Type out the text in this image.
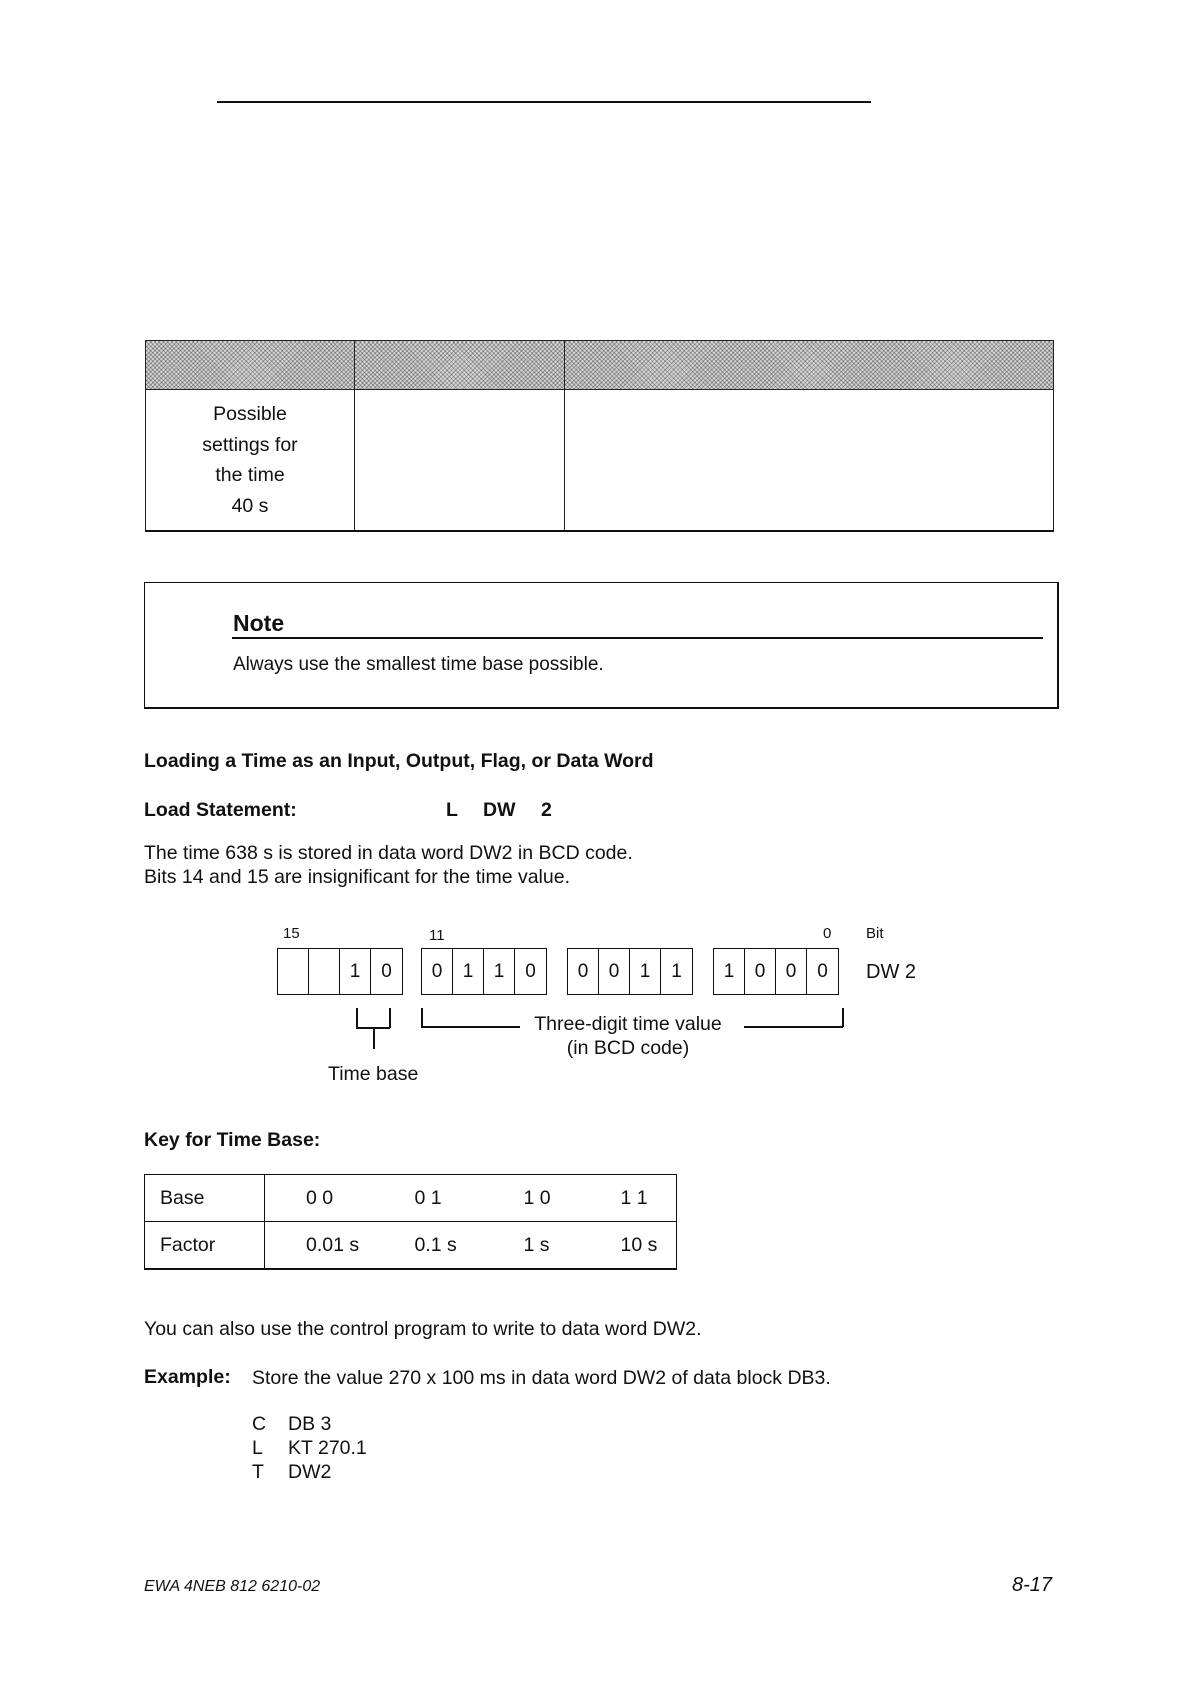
Possible
settings for
the time
40 s		

Note
Always use the smallest time base possible.
Loading a Time as an Input, Output, Flag, or Data Word
Load Statement:	L DW 2
The time 638 s is stored in data word DW2 in BCD code.
Bits 14 and 15 are insignificant for the time value.
15	11	0 Bit
1	0	0	1	1	0	0	0	1	1	1	0	0	0	DW 2
Time base
Three-digit time value
(in BCD code)
Key for Time Base:
Base	0 0	0 1	1 0	1 1
Factor	0.01 s	0.1 s	1 s	10 s
You can also use the control program to write to data word DW2.
Example: Store the value 270 x 100 ms in data word DW2 of data block DB3.
C DB 3
L KT 270.1
T DW2
EWA 4NEB 812 6210-02	8-17
